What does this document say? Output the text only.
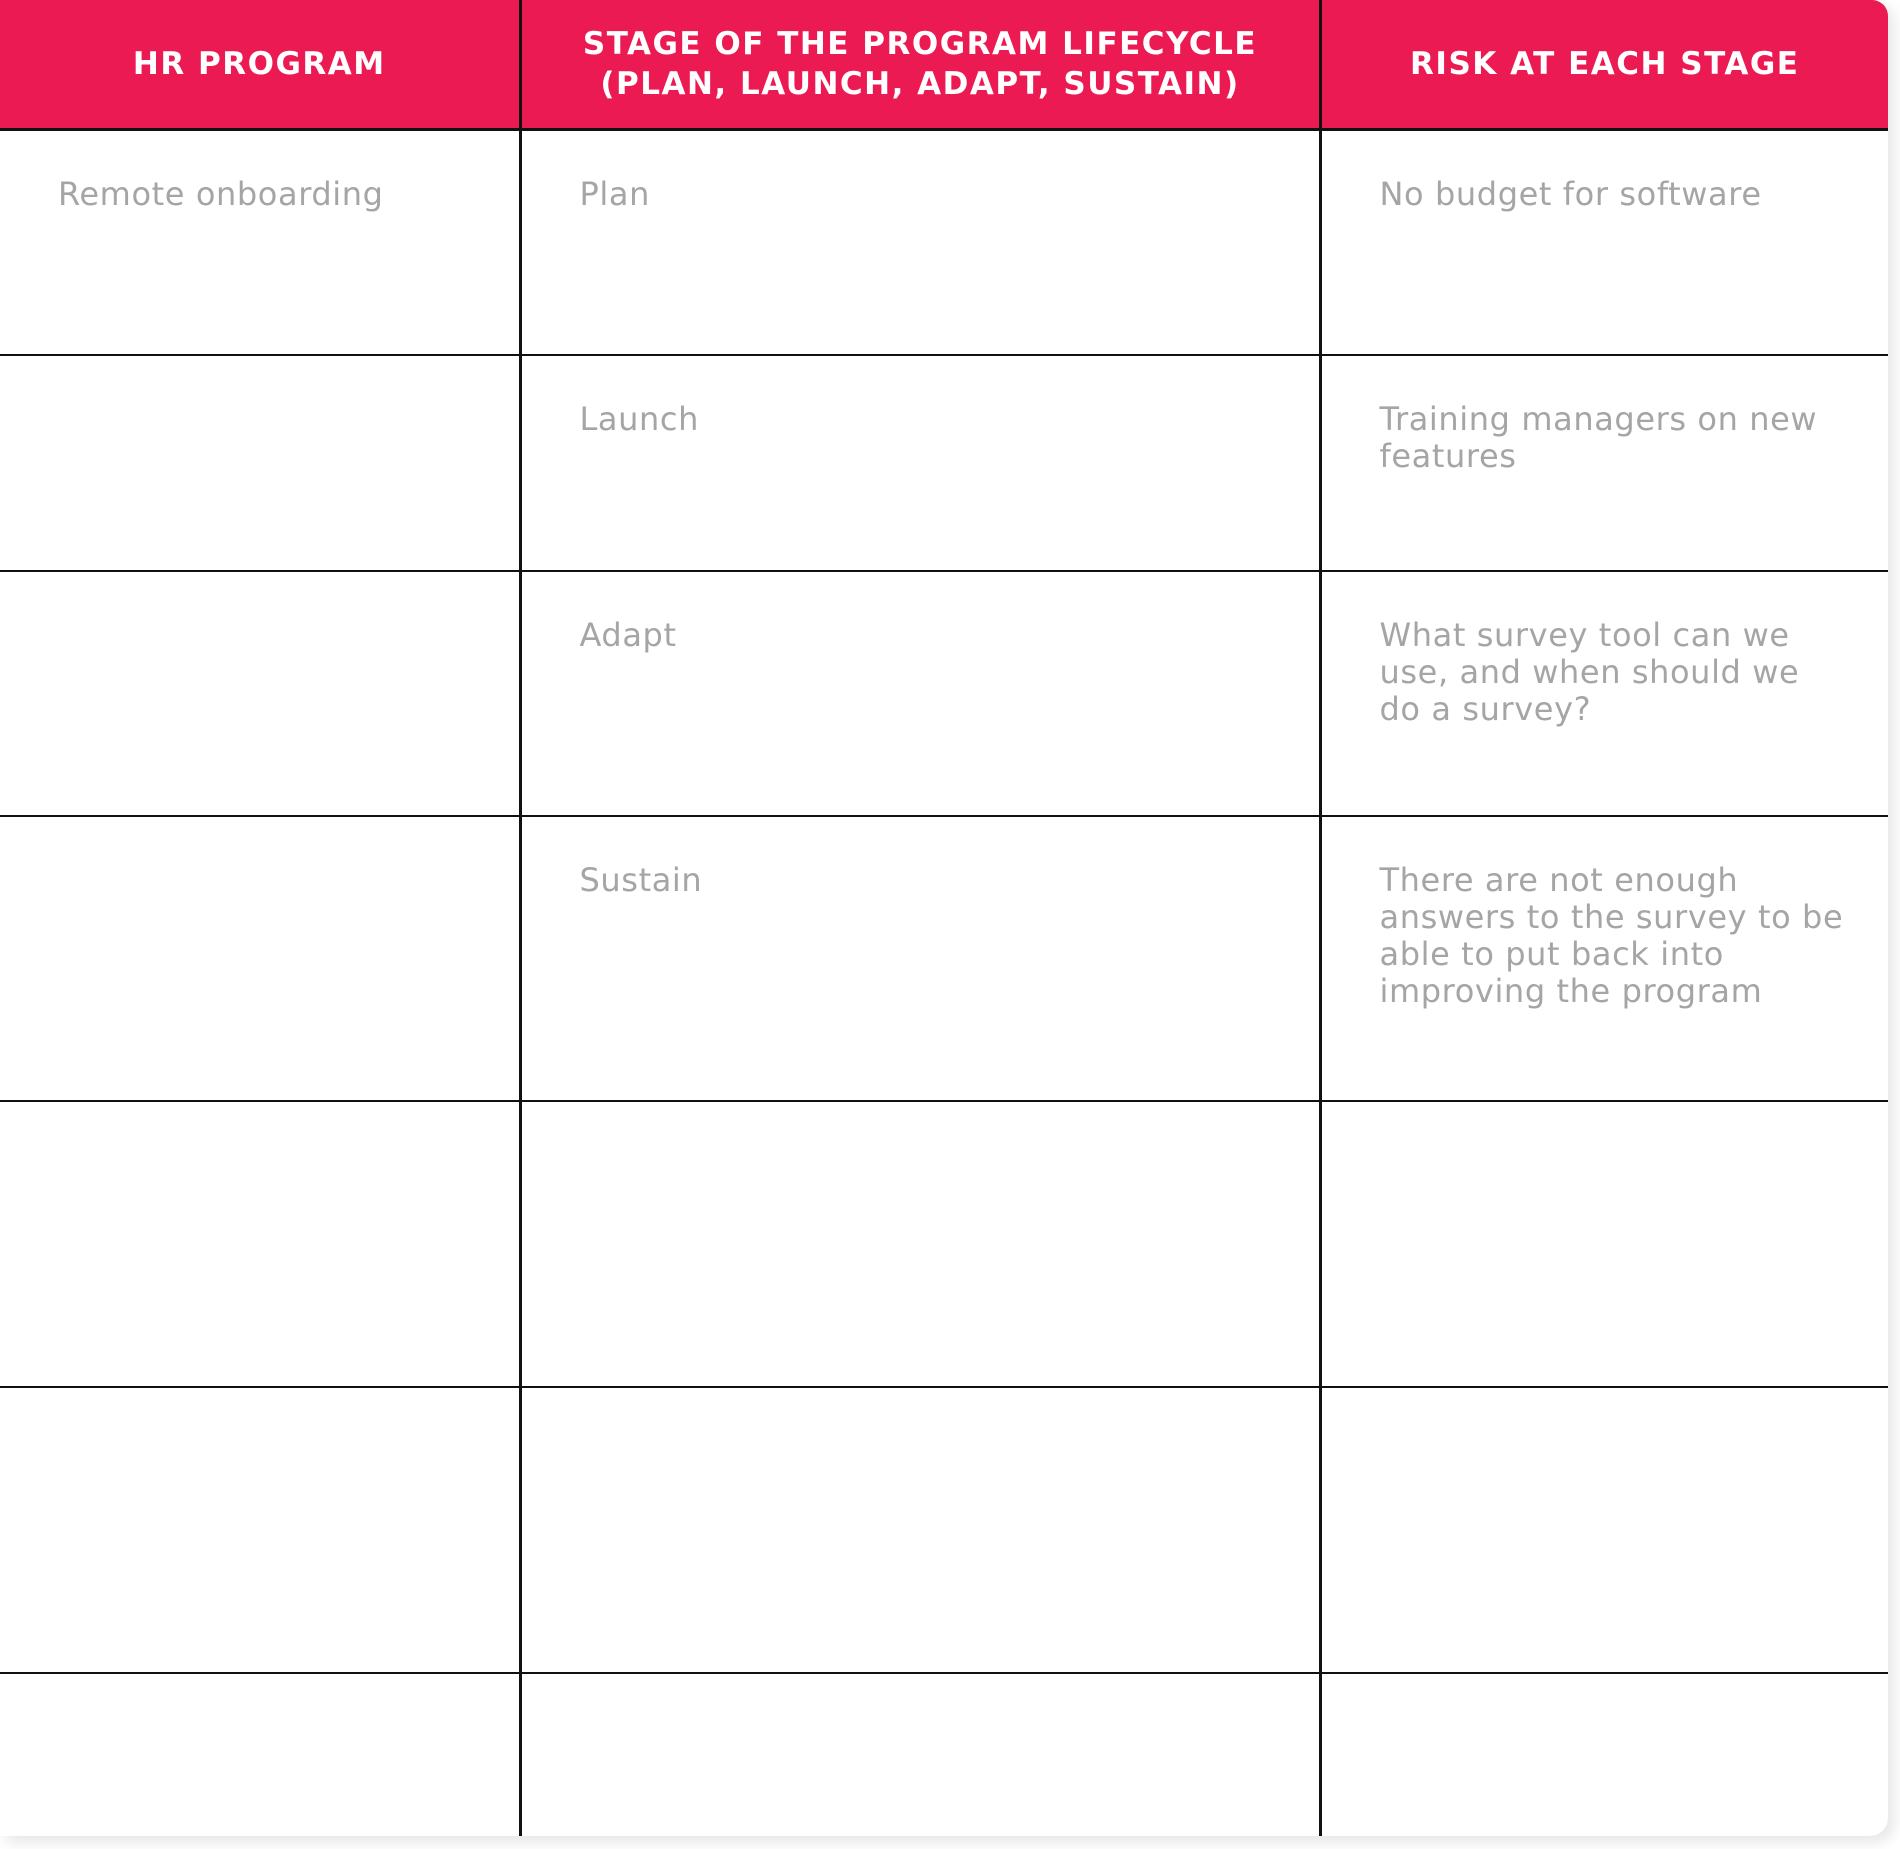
HR PROGRAM	STAGE OF THE PROGRAM LIFECYCLE (PLAN, LAUNCH, ADAPT, SUSTAIN)	RISK AT EACH STAGE
Remote onboarding	Plan	No budget for software
	Launch	Training managers on new features
	Adapt	What survey tool can we use, and when should we do a survey?
	Sustain	There are not enough answers to the survey to be able to put back into improving the program
